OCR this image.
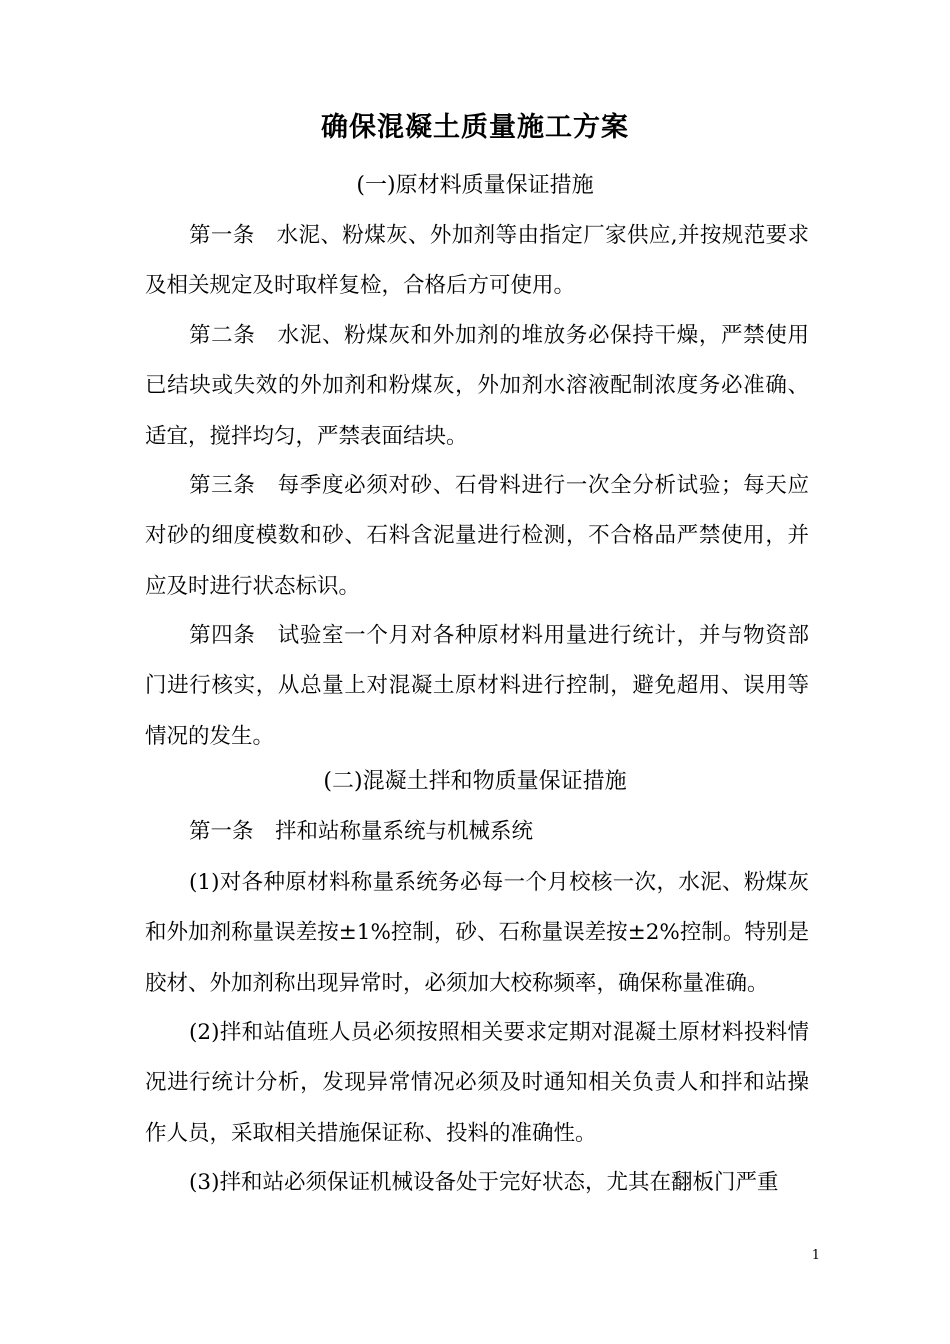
确保混凝土质量施工方案
(一)原材料质量保证措施

第一条　水泥、粉煤灰、外加剂等由指定厂家供应,并按规范要求及相关规定及时取样复检，合格后方可使用。

第二条　水泥、粉煤灰和外加剂的堆放务必保持干燥，严禁使用已结块或失效的外加剂和粉煤灰，外加剂水溶液配制浓度务必准确、适宜，搅拌均匀，严禁表面结块。

第三条　每季度必须对砂、石骨料进行一次全分析试验；每天应对砂的细度模数和砂、石料含泥量进行检测，不合格品严禁使用，并应及时进行状态标识。

第四条　试验室一个月对各种原材料用量进行统计，并与物资部门进行核实，从总量上对混凝土原材料进行控制，避免超用、误用等情况的发生。

(二)混凝土拌和物质量保证措施

第一条　拌和站称量系统与机械系统

(1)对各种原材料称量系统务必每一个月校核一次，水泥、粉煤灰和外加剂称量误差按±1%控制，砂、石称量误差按±2%控制。特别是胶材、外加剂称出现异常时，必须加大校称频率，确保称量准确。

(2)拌和站值班人员必须按照相关要求定期对混凝土原材料投料情况进行统计分析，发现异常情况必须及时通知相关负责人和拌和站操作人员，采取相关措施保证称、投料的准确性。

(3)拌和站必须保证机械设备处于完好状态，尤其在翻板门严重

1
